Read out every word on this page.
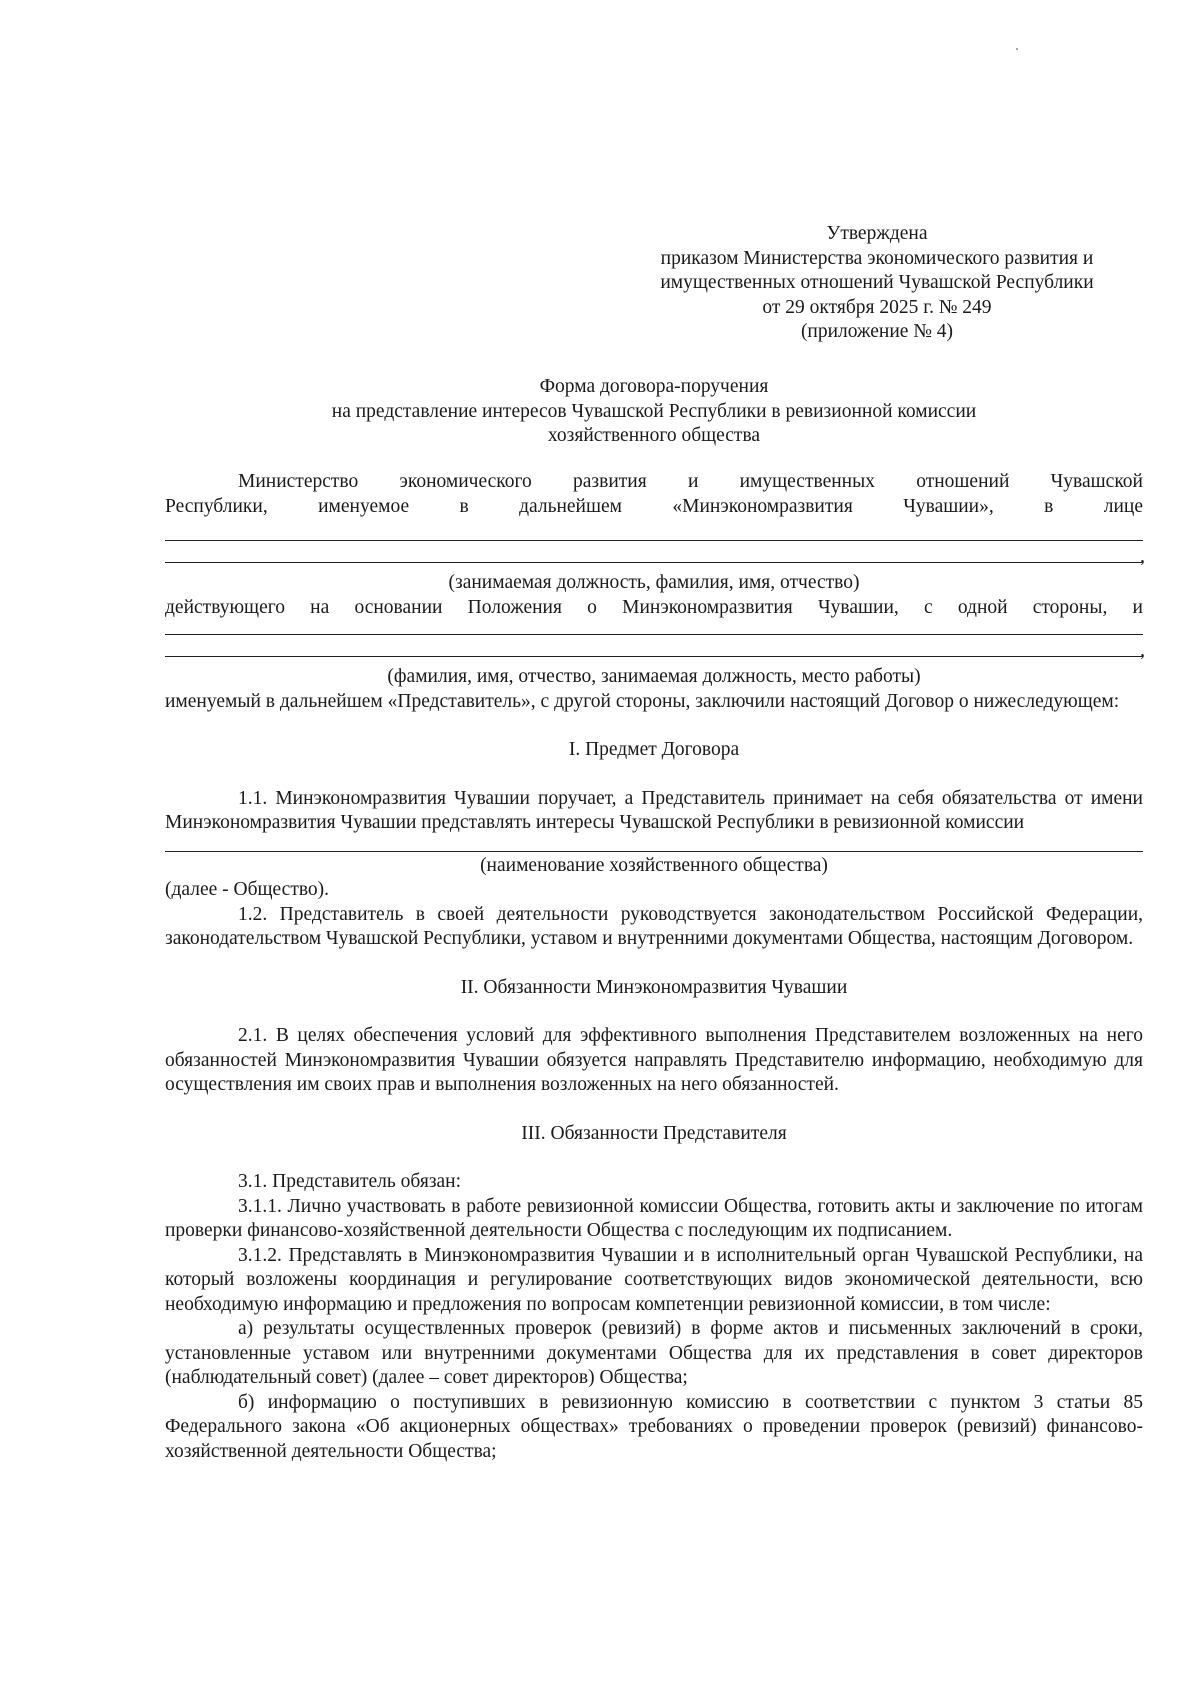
Утверждена
приказом Министерства экономического развития и
имущественных отношений Чувашской Республики
от 29 октября 2025 г. № 249
(приложение № 4)
Форма договора-поручения
на представление интересов Чувашской Республики в ревизионной комиссии
хозяйственного общества

Министерство экономического развития и имущественных отношений Чувашской

Республики, именуемое в дальнейшем «Минэкономразвития Чувашии», в лице

,
(занимаемая должность, фамилия, имя, отчество)

действующего на основании Положения о Минэкономразвития Чувашии, с одной стороны, и

,
(фамилия, имя, отчество, занимаемая должность, место работы)

именуемый в дальнейшем «Представитель», с другой стороны, заключили настоящий Договор о нижеследующем:

I. Предмет Договора

1.1. Минэкономразвития Чувашии поручает, а Представитель принимает на себя обязательства от имени Минэкономразвития Чувашии представлять интересы Чувашской Республики в ревизионной комиссии

(наименование хозяйственного общества)

(далее - Общество).

1.2. Представитель в своей деятельности руководствуется законодательством Российской Федерации, законодательством Чувашской Республики, уставом и внутренними документами Общества, настоящим Договором.

II. Обязанности Минэкономразвития Чувашии

2.1. В целях обеспечения условий для эффективного выполнения Представителем возложенных на него обязанностей Минэкономразвития Чувашии обязуется направлять Представителю информацию, необходимую для осуществления им своих прав и выполнения возложенных на него обязанностей.

III. Обязанности Представителя

3.1. Представитель обязан:

3.1.1. Лично участвовать в работе ревизионной комиссии Общества, готовить акты и заключение по итогам проверки финансово-хозяйственной деятельности Общества с последующим их подписанием.

3.1.2. Представлять в Минэкономразвития Чувашии и в исполнительный орган Чувашской Республики, на который возложены координация и регулирование соответствующих видов экономической деятельности, всю необходимую информацию и предложения по вопросам компетенции ревизионной комиссии, в том числе:

а) результаты осуществленных проверок (ревизий) в форме актов и письменных заключений в сроки, установленные уставом или внутренними документами Общества для их представления в совет директоров (наблюдательный совет) (далее – совет директоров) Общества;

б) информацию о поступивших в ревизионную комиссию в соответствии с пунктом 3 статьи 85 Федерального закона «Об акционерных обществах» требованиях о проведении проверок (ревизий) финансово-хозяйственной деятельности Общества;
